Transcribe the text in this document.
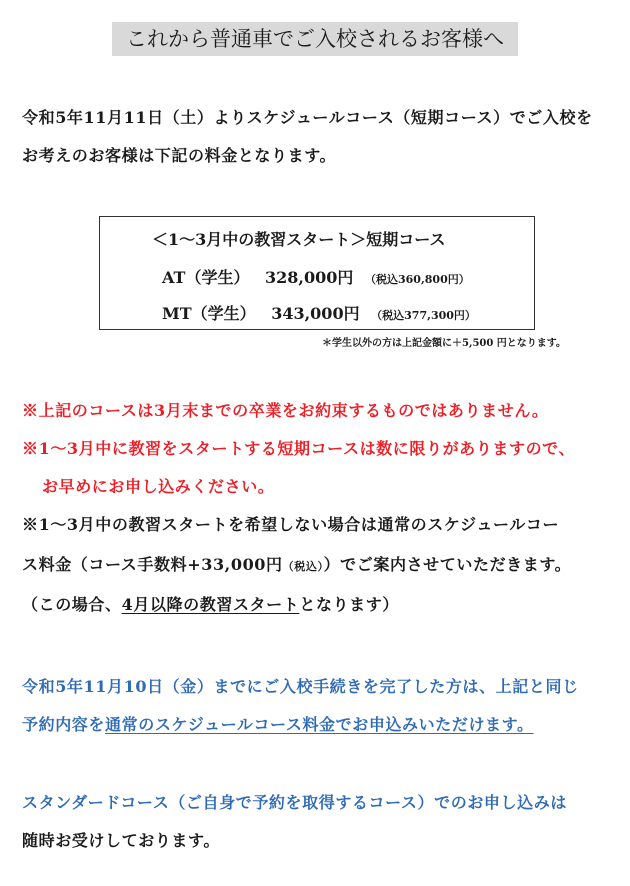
これから普通車でご入校されるお客様へ
令和5年11月11日（土）よりスケジュールコース（短期コース）でご入校を
お考えのお客様は下記の料金となります。
＜1～3月中の教習スタート＞短期コース
AT（学生） 328,000円 （税込360,800円）
MT（学生） 343,000円 （税込377,300円）
＊学生以外の方は上記金額に＋5,500 円となります。
※上記のコースは3月末までの卒業をお約束するものではありません。
※1～3月中に教習をスタートする短期コースは数に限りがありますので、
お早めにお申し込みください。
※1～3月中の教習スタートを希望しない場合は通常のスケジュールコー
ス料金（コース手数料+33,000円（税込））でご案内させていただきます。
（この場合、4月以降の教習スタートとなります）
令和5年11月10日（金）までにご入校手続きを完了した方は、上記と同じ
予約内容を通常のスケジュールコース料金でお申込みいただけます。
スタンダードコース（ご自身で予約を取得するコース）でのお申し込みは
随時お受けしております。
